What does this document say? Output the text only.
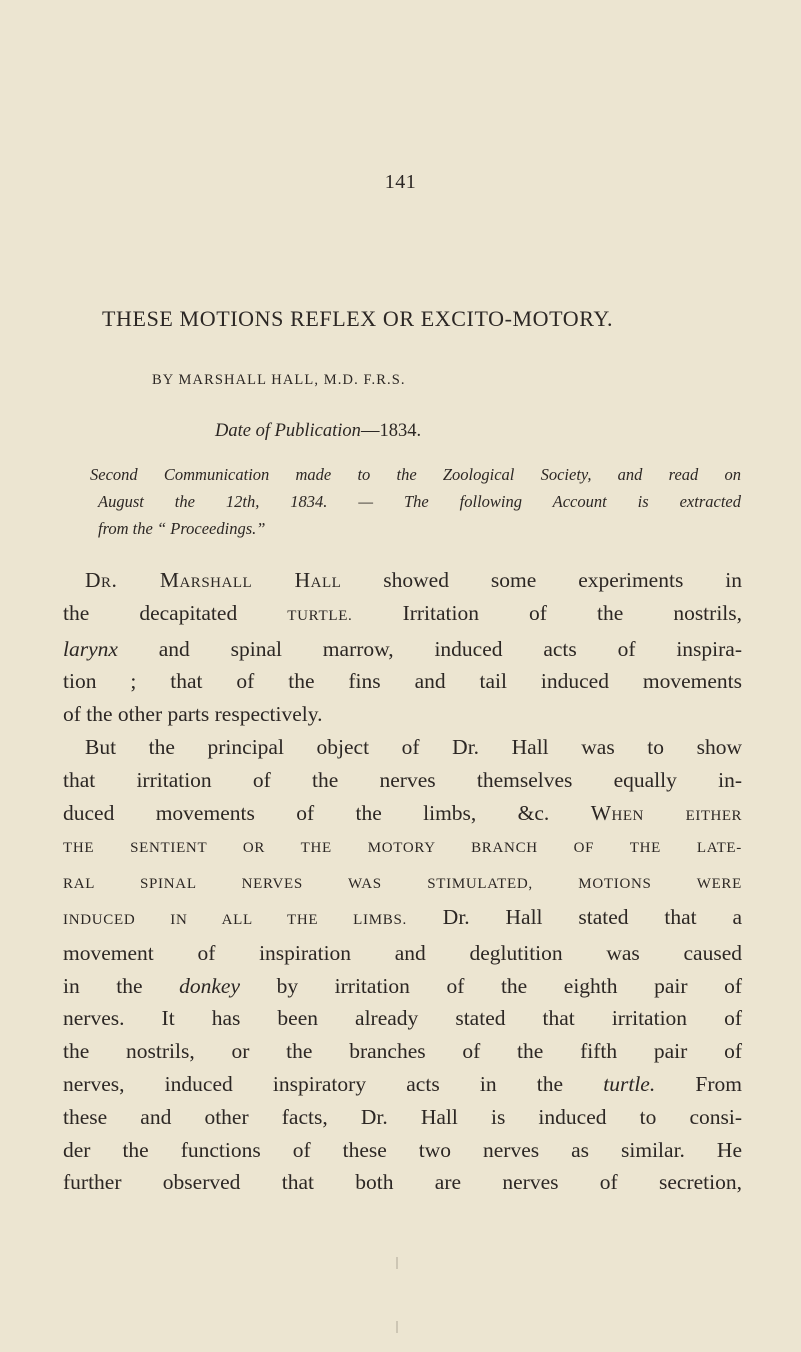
141
THESE MOTIONS REFLEX OR EXCITO-MOTORY.
BY MARSHALL HALL, M.D. F.R.S.
Date of Publication—1834.
Second Communication made to the Zoological Society, and read on
August the 12th, 1834. — The following Account is extracted
from the “ Proceedings.”
Dr. Marshall Hall showed some experiments in
the decapitated TURTLE. Irritation of the nostrils,
larynx and spinal marrow, induced acts of inspira-
tion ; that of the fins and tail induced movements
of the other parts respectively.
But the principal object of Dr. Hall was to show
that irritation of the nerves themselves equally in-
duced movements of the limbs, &c. When either
THE SENTIENT OR THE MOTORY BRANCH OF THE LATE-
RAL SPINAL NERVES WAS STIMULATED, MOTIONS WERE
INDUCED IN ALL THE LIMBS. Dr. Hall stated that a
movement of inspiration and deglutition was caused
in the donkey by irritation of the eighth pair of
nerves. It has been already stated that irritation of
the nostrils, or the branches of the fifth pair of
nerves, induced inspiratory acts in the turtle. From
these and other facts, Dr. Hall is induced to consi-
der the functions of these two nerves as similar. He
further observed that both are nerves of secretion,
